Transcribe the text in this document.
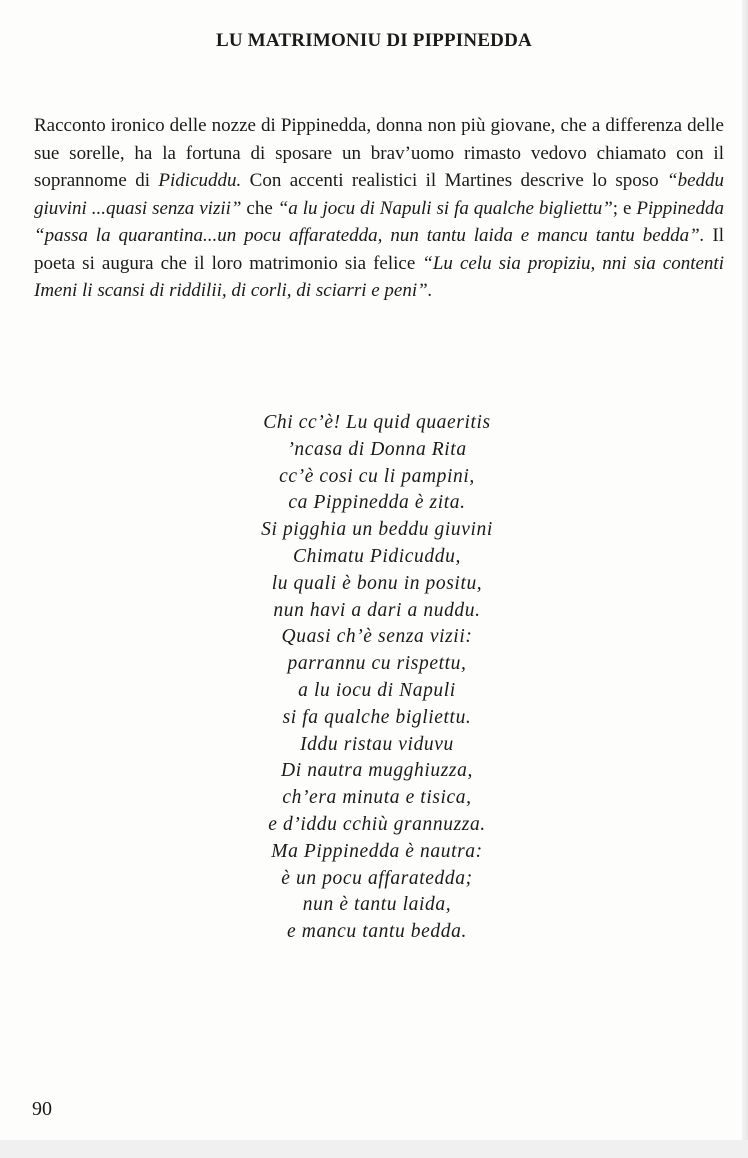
LU MATRIMONIU DI PIPPINEDDA
Racconto ironico delle nozze di Pippinedda, donna non più giovane, che a differenza delle sue sorelle, ha la fortuna di sposare un brav’uomo rimasto vedovo chiamato con il soprannome di Pidicuddu. Con accenti realistici il Martines descrive lo sposo “beddu giuvini ...quasi senza vizii” che “a lu jocu di Napuli si fa qualche bigliettu”; e Pippinedda “passa la quarantina...un pocu affaratedda, nun tantu laida e mancu tantu bedda”. Il poeta si augura che il loro matrimonio sia felice “Lu celu sia propiziu, nni sia contenti Imeni li scansi di riddilii, di corli, di sciarri e peni”.
Chi cc’è! Lu quid quaeritis
’ncasa di Donna Rita
cc’è cosi cu li pampini,
ca Pippinedda è zita.
Si pigghia un beddu giuvini
Chimatu Pidicuddu,
lu quali è bonu in positu,
nun havi a dari a nuddu.
Quasi ch’è senza vizii:
parrannu cu rispettu,
a lu iocu di Napuli
si fa qualche bigliettu.
Iddu ristau viduvu
Di nautra mugghiuzza,
ch’era minuta e tisica,
e d’iddu cchiù grannuzza.
Ma Pippinedda è nautra:
è un pocu affaratedda;
nun è tantu laida,
e mancu tantu bedda.
90
